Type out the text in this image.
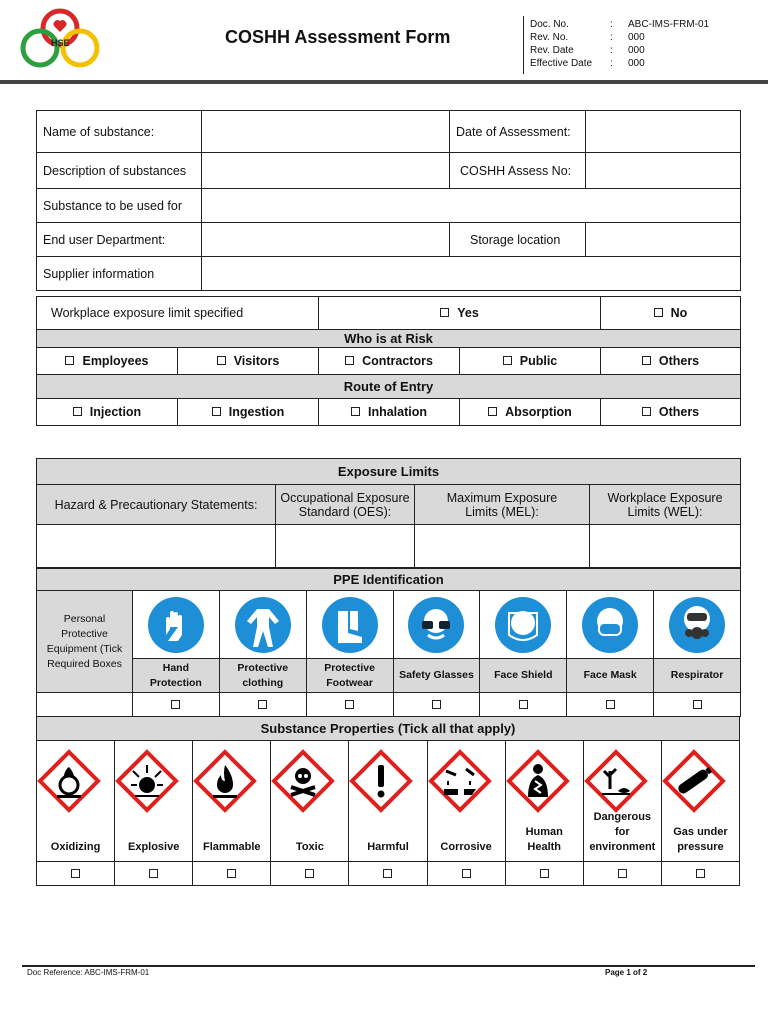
HSE	COSHH Assessment Form
Doc. No.	:	ABC-IMS-FRM-01
Rev. No.	:	000
Rev. Date	:	000
Effective Date	:	000
Name of substance:		Date of Assessment:	
Description of substances		COSHH Assess No:	
Substance to be used for			
End user Department:		Storage location	
Supplier information			
Workplace exposure limit specified		Yes		No
Who is at Risk				
Employees	Visitors	Contractors	Public	Others
Route of Entry				
Injection	Ingestion	Inhalation	Absorption	Others
Exposure Limits			
Hazard & Precautionary Statements:	Occupational Exposure Standard (OES):	Maximum Exposure Limits (MEL):	Workplace Exposure Limits (WEL):

PPE Identification							
Personal Protective Equipment (Tick Required Boxes	

	Hand Protection	Protective clothing	Protective Footwear	Safety Glasses	Face Shield	Face Mask	Respirator

Substance Properties (Tick all that apply)								

Oxidizing	Explosive	Flammable	Toxic	Harmful	Corrosive	Human Health	Dangerous for environment	Gas under pressure

Doc Reference: ABC-IMS-FRM-01	Page 1 of 2
